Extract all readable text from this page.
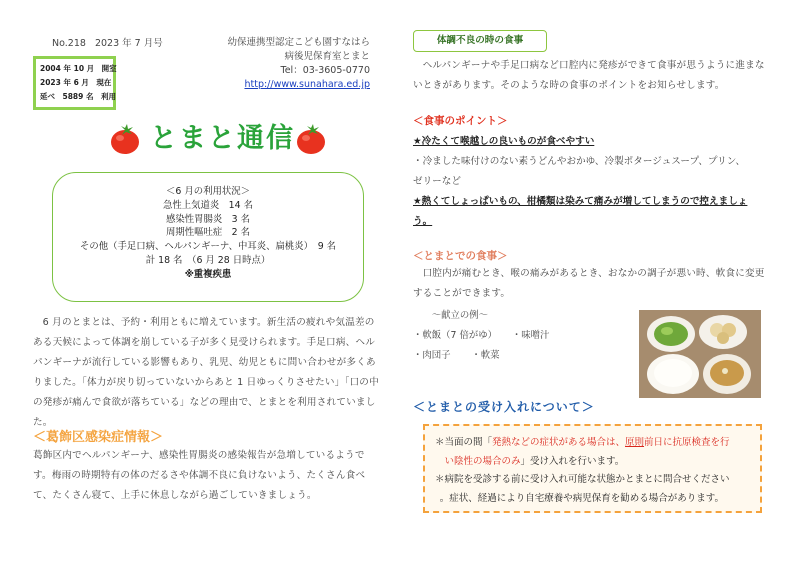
No.218 2023 年 7 月号	幼保連携型認定こども園すなはら
病後児保育室とまと
Tel：03-3605-0770
http://www.sunahara.ed.jp
2004 年 10 月　開室
2023 年 6 月　現在
延べ　5889 名　利用
とまと通信
＜6 月の利用状況＞
急性上気道炎　14 名
感染性胃腸炎　3 名
周期性嘔吐症　2 名
その他（手足口病、ヘルパンギーナ、中耳炎、扁桃炎）　9 名
計 18 名　（6 月 28 日時点）
※重複疾患
6 月のとまとは、予約・利用ともに増えています。新生活の疲れや気温差のある天候によって体調を崩している子が多く見受けられます。手足口病、ヘルパンギーナが流行している影響もあり、乳児、幼児ともに問い合わせが多くありました。「体力が戻り切っていないからあと 1 日ゆっくりさせたい」「口の中の発疹が痛んで食欲が落ちている」などの理由で、とまとを利用されていました。
＜葛飾区感染症情報＞
葛飾区内でヘルパンギーナ、感染性胃腸炎の感染報告が急増しているようです。梅雨の時期特有の体のだるさや体調不良に負けないよう、たくさん食べて、たくさん寝て、上手に休息しながら過ごしていきましょう。
体調不良の時の食事
ヘルパンギーナや手足口病など口腔内に発疹ができて食事が思うように進まないときがあります。そのような時の食事のポイントをお知らせします。
＜食事のポイント＞
★冷たくて喉越しの良いものが食べやすい
・冷ました味付けのない素うどんやおかゆ、冷製ポタージュスープ、プリン、
ゼリーなど
★熱くてしょっぱいもの、柑橘類は染みて痛みが増してしまうので控えましょ
う。
＜とまとでの食事＞
口腔内が痛むとき、喉の痛みがあるとき、おなかの調子が悪い時、軟食に変更することができます。
～献立の例～
・軟飯（7 倍がゆ） ・味噌汁
・肉団子 ・軟菜
＜とまとの受け入れについて＞
＊当面の間「発熱などの症状がある場合は、原則前日に抗原検査を行
い陰性の場合のみ」受け入れを行います。
＊病院を受診する前に受け入れ可能な状態かとまとに問合せください
。症状、経過により自宅療養や病児保育を勧める場合があります。
